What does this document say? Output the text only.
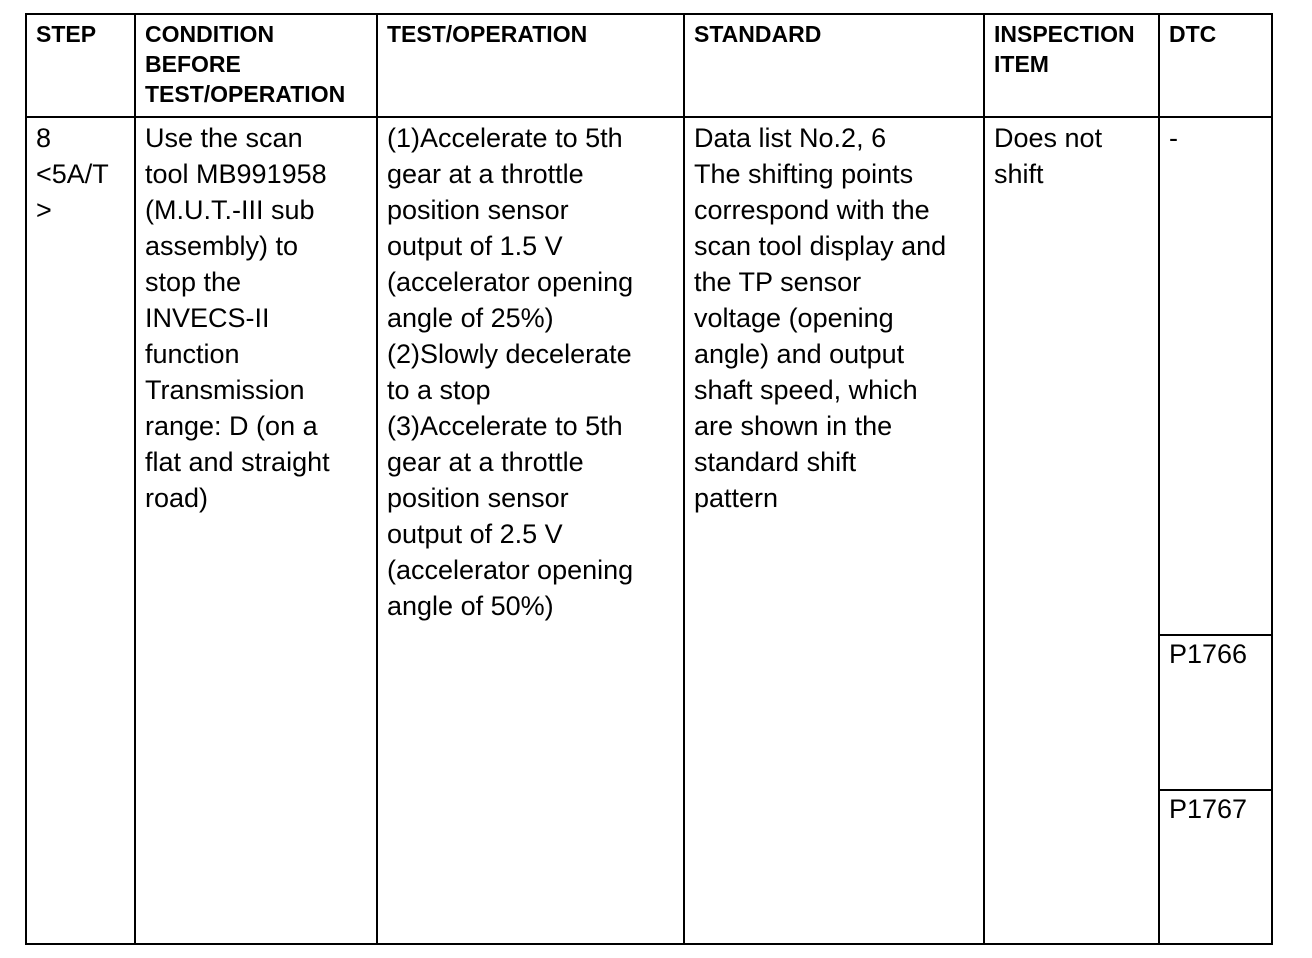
STEP
8
<5A/T
>
CONDITION
BEFORE
TEST/OPERATION
Use the scan
tool MB991958
(M.U.T.-III sub
assembly) to
stop the
INVECS-II
function
Transmission
range: D (on a
flat and straight
road)
TEST/OPERATION
(1)Accelerate to 5th
gear at a throttle
position sensor
output of 1.5 V
(accelerator opening
angle of 25%)
(2)Slowly decelerate
to a stop
(3)Accelerate to 5th
gear at a throttle
position sensor
output of 2.5 V
(accelerator opening
angle of 50%)
STANDARD
Data list No.2, 6
The shifting points
correspond with the
scan tool display and
the TP sensor
voltage (opening
angle) and output
shaft speed, which
are shown in the
standard shift
pattern
INSPECTION
ITEM
Does not
shift
DTC
-
P1766
P1767
